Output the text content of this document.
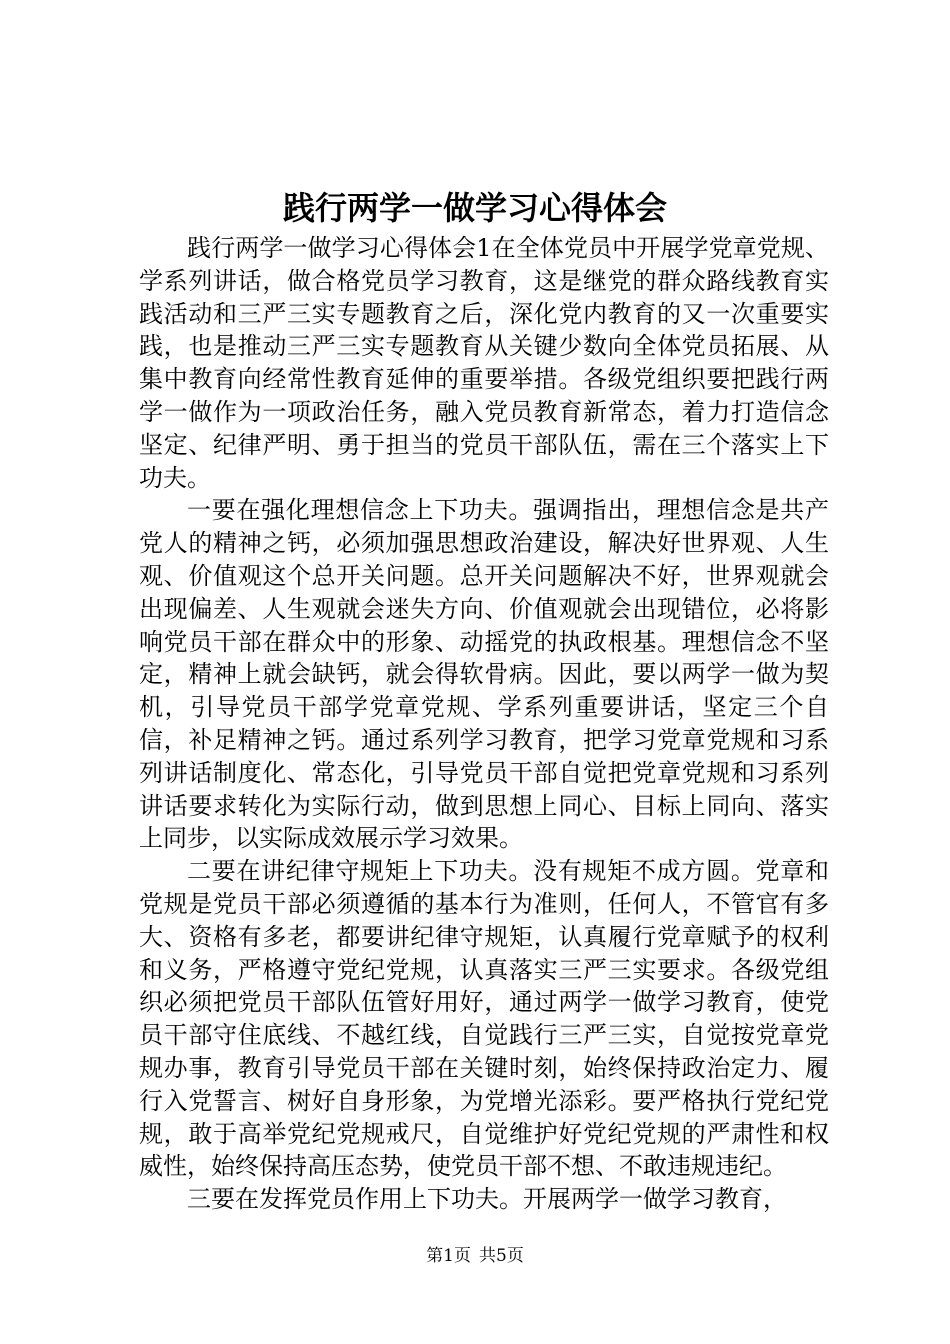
践行两学一做学习心得体会

践行两学一做学习心得体会1在全体党员中开展学党章党规、学系列讲话，做合格党员学习教育，这是继党的群众路线教育实践活动和三严三实专题教育之后，深化党内教育的又一次重要实践，也是推动三严三实专题教育从关键少数向全体党员拓展、从集中教育向经常性教育延伸的重要举措。各级党组织要把践行两学一做作为一项政治任务，融入党员教育新常态，着力打造信念坚定、纪律严明、勇于担当的党员干部队伍，需在三个落实上下功夫。

一要在强化理想信念上下功夫。强调指出，理想信念是共产党人的精神之钙，必须加强思想政治建设，解决好世界观、人生观、价值观这个总开关问题。总开关问题解决不好，世界观就会出现偏差、人生观就会迷失方向、价值观就会出现错位，必将影响党员干部在群众中的形象、动摇党的执政根基。理想信念不坚定，精神上就会缺钙，就会得软骨病。因此，要以两学一做为契机，引导党员干部学党章党规、学系列重要讲话，坚定三个自信，补足精神之钙。通过系列学习教育，把学习党章党规和习系列讲话制度化、常态化，引导党员干部自觉把党章党规和习系列讲话要求转化为实际行动，做到思想上同心、目标上同向、落实上同步，以实际成效展示学习效果。

二要在讲纪律守规矩上下功夫。没有规矩不成方圆。党章和党规是党员干部必须遵循的基本行为准则，任何人，不管官有多大、资格有多老，都要讲纪律守规矩，认真履行党章赋予的权利和义务，严格遵守党纪党规，认真落实三严三实要求。各级党组织必须把党员干部队伍管好用好，通过两学一做学习教育，使党员干部守住底线、不越红线，自觉践行三严三实，自觉按党章党规办事，教育引导党员干部在关键时刻，始终保持政治定力、履行入党誓言、树好自身形象，为党增光添彩。要严格执行党纪党规，敢于高举党纪党规戒尺，自觉维护好党纪党规的严肃性和权威性，始终保持高压态势，使党员干部不想、不敢违规违纪。

三要在发挥党员作用上下功夫。开展两学一做学习教育，

第1页 共5页
